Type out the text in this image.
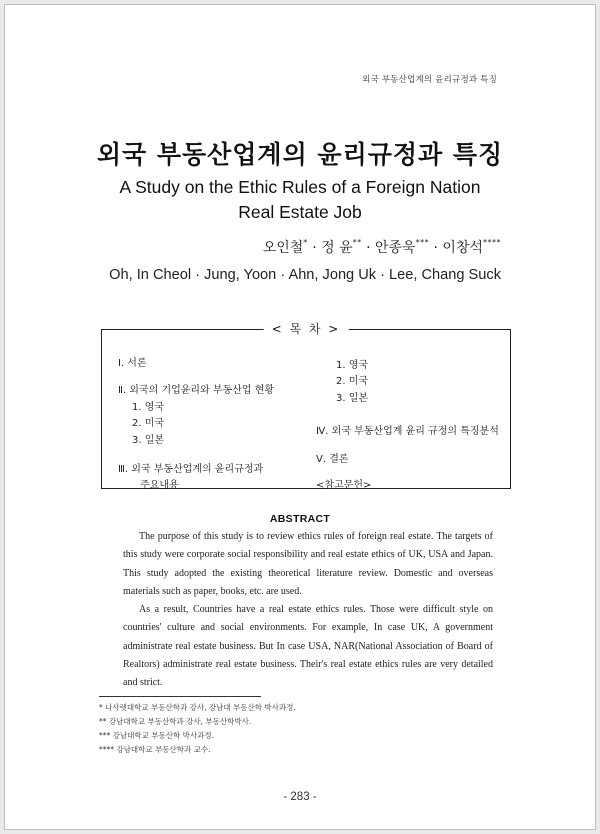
외국 부동산업계의 윤리규정과 특징
외국 부동산업계의 윤리규정과 특징
A Study on the Ethic Rules of a Foreign Nation Real Estate Job
오인철* · 정 윤** · 안종욱*** · 이창석****
Oh, In Cheol · Jung, Yoon · Ahn, Jong Uk · Lee, Chang Suck
< 목 차 >
Ⅰ. 서론
Ⅱ. 외국의 기업윤리와 부동산업 현황
1. 영국
2. 미국
3. 일본
Ⅲ. 외국 부동산업계의 윤리규정과
주요내용
1. 영국
2. 미국
3. 일본
Ⅳ. 외국 부동산업계 윤리 규정의 특징분석
Ⅴ. 결론
<참고문헌>
ABSTRACT

The purpose of this study is to review ethics rules of foreign real estate. The targets of this study were corporate social responsibility and real estate ethics of UK, USA and Japan. This study adopted the existing theoretical literature review. Domestic and overseas materials such as paper, books, etc. are used.

As a result, Countries have a real estate ethics rules. Those were difficult style on countries' culture and social environments. For example, In case UK, A government administrate real estate business. But In case USA, NAR(National Association of Board of Realtors) administrate real estate business. Their's real estate ethics rules are very detailed and strict.

* 나사렛대학교 부동산학과 강사, 강남대 부동산학 박사과정.
** 강남대학교 부동산학과 강사, 부동산학박사.
*** 강남대학교 부동산학 박사과정.
**** 강남대학교 부동산학과 교수.
- 283 -
